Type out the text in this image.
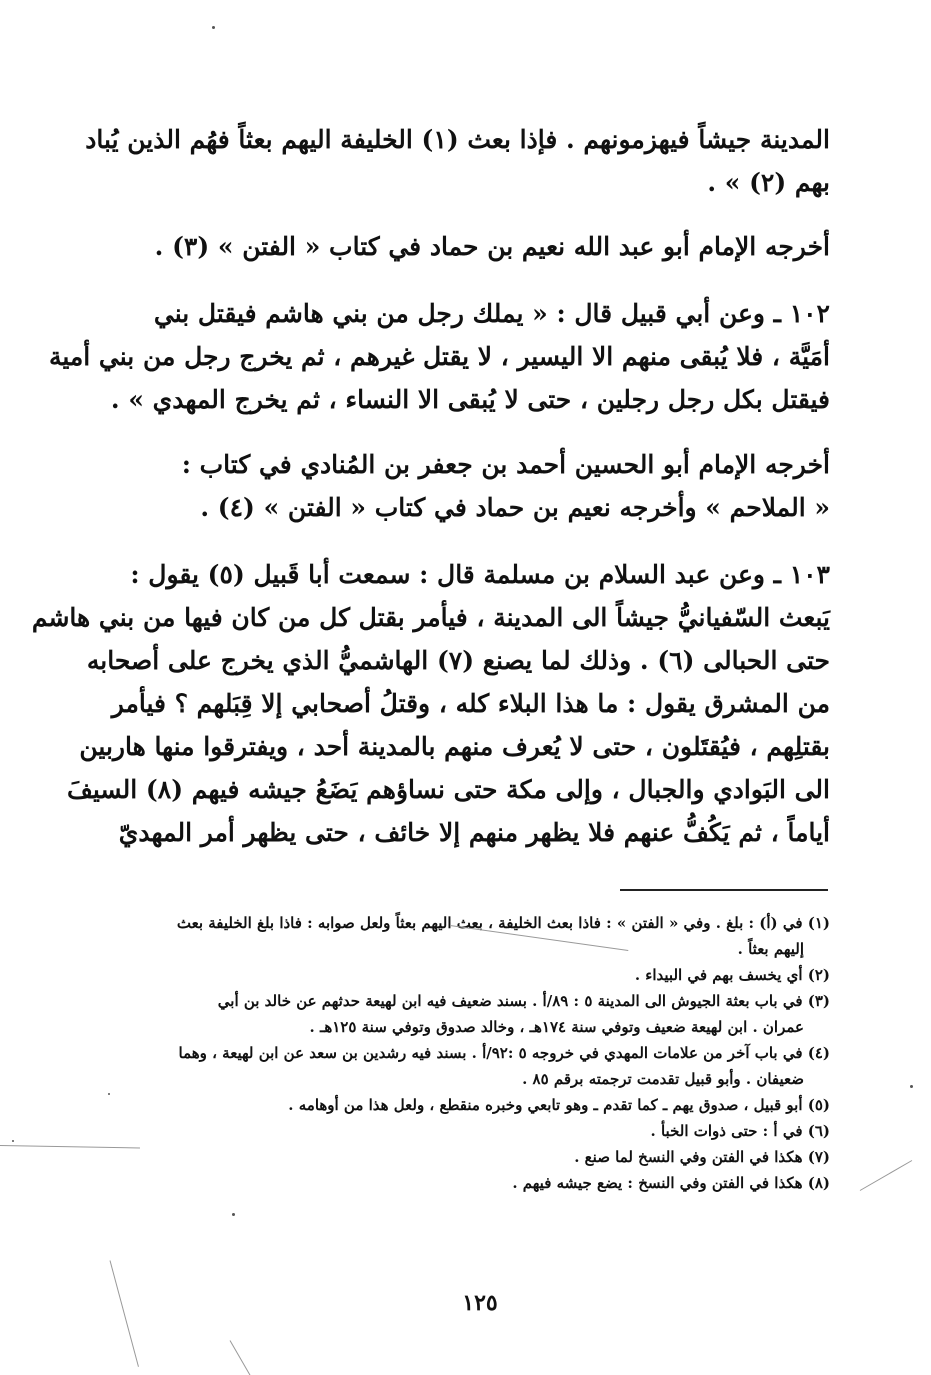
المدينة جيشاً فيهزمونهم . فإذا بعث (١) الخليفة اليهم بعثاً فهُم الذين يُباد
بهم (٢) » .
أخرجه الإمام أبو عبد الله نعيم بن حماد في كتاب « الفتن » (٣) .
١٠٢ ـ وعن أبي قبيل قال : « يملك رجل من بني هاشم فيقتل بني
أمَيَّة ، فلا يُبقى منهم الا اليسير ، لا يقتل غيرهم ، ثم يخرج رجل من بني أمية
فيقتل بكل رجل رجلين ، حتى لا يُبقى الا النساء ، ثم يخرج المهدي » .
أخرجه الإمام أبو الحسين أحمد بن جعفر بن المُنادي في كتاب :
« الملاحم » وأخرجه نعيم بن حماد في كتاب « الفتن » (٤) .
١٠٣ ـ وعن عبد السلام بن مسلمة قال : سمعت أبا قَبيل (٥) يقول :
يَبعث السّفيانيُّ جيشاً الى المدينة ، فيأمر بقتل كل من كان فيها من بني هاشم
حتى الحبالى (٦) . وذلك لما يصنع (٧) الهاشميُّ الذي يخرج على أصحابه
من المشرق يقول : ما هذا البلاء كله ، وقتلُ أصحابي إلا قِبَلهم ؟ فيأمر
بقتلِهم ، فيُقتَلون ، حتى لا يُعرف منهم بالمدينة أحد ، ويفترقوا منها هاربين
الى البَوادي والجبال ، وإلى مكة حتى نساؤهم يَضَعُ جيشه فيهم (٨) السيفَ
أياماً ، ثم يَكُفُّ عنهم فلا يظهر منهم إلا خائف ، حتى يظهر أمر المهديّ
(١) في (أ) : بلغ . وفي « الفتن » : فاذا بعث الخليفة ، بعث اليهم بعثاً ولعل صوابه : فاذا بلغ الخليفة بعث
إليهم بعثاً .
(٢) أي يخسف بهم في البيداء .
(٣) في باب بعثة الجيوش الى المدينة ٥ : ٨٩/أ . بسند ضعيف فيه ابن لهيعة حدثهم عن خالد بن أبي
عمران . ابن لهيعة ضعيف وتوفي سنة ١٧٤هـ ، وخالد صدوق وتوفي سنة ١٢٥هـ .
(٤) في باب آخر من علامات المهدي في خروجه ٥ :٩٢/أ . بسند فيه رشدين بن سعد عن ابن لهيعة ، وهما
ضعيفان . وأبو قبيل تقدمت ترجمته برقم ٨٥ .
(٥) أبو قبيل ، صدوق يهم ـ كما تقدم ـ وهو تابعي وخبره منقطع ، ولعل هذا من أوهامه .
(٦) في أ : حتى ذوات الخبأ .
(٧) هكذا في الفتن وفي النسخ لما صنع .
(٨) هكذا في الفتن وفي النسخ : يضع جيشه فيهم .
١٢٥
